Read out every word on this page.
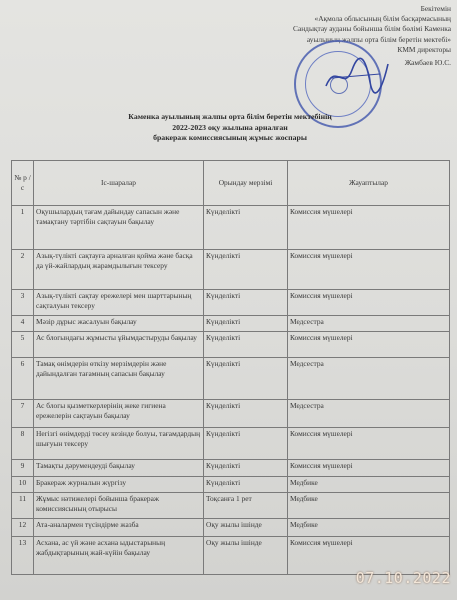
Бекітемін
«Ақмола облысының білім басқармасының
Сандықтау ауданы бойынша білім бөлімі Каменка
ауылының жалпы орта білім беретін мектебі»
КММ директоры
Жамбаев Ю.С.
Каменка ауылының жалпы орта білім беретін мектебінің
2022-2023 оқу жылына арналған
бракераж комиссиясының жұмыс жоспары
№ р / с	Іс-шаралар	Орындау мерзімі	Жауаптылар
1	Оқушылардың тағам дайындау сапасын және тамақтану тәртібін сақтауын бақылау	Күнделікті	Комиссия мүшелері
2	Азық-түлікті сақтауға арналған қойма және басқа да үй-жайлардың жарамдылығын тексеру	Күнделікті	Комиссия мүшелері
3	Азық-түлікті сақтау ережелері мен шарттарының сақталуын тексеру	Күнделікті	Комиссия мүшелері
4	Мәзір дұрыс жасалуын бақылау	Күнделікті	Медсестра
5	Ас блогындағы жұмысты ұйымдастыруды бақылау	Күнделікті	Комиссия мүшелері
6	Тамақ өнімдерін өткізу мерзімдерін және дайындалған тағамның сапасын бақылау	Күнделікті	Медсестра
7	Ас блогы қызметкерлерінің жеке гигиена ережелерін сақтауын бақылау	Күнделікті	Медсестра
8	Негізгі өнімдерді төсеу кезінде болуы, тағамдардың шығуын тексеру	Күнделікті	Комиссия мүшелері
9	Тамақты дәрумендеуді бақылау	Күнделікті	Комиссия мүшелері
10	Бракераж журналын жүргізу	Күнделікті	Медбике
11	Жұмыс нәтижелері бойынша бракераж комиссиясының отырысы	Тоқсанға 1 рет	Медбике
12	Ата-аналармен түсіндірме жазба	Оқу жылы ішінде	Медбике
13	Асхана, ас үй және асхана ыдыстарының жабдықтарының жай-күйін бақылау	Оқу жылы ішінде	Комиссия мүшелері
07.10.2022
